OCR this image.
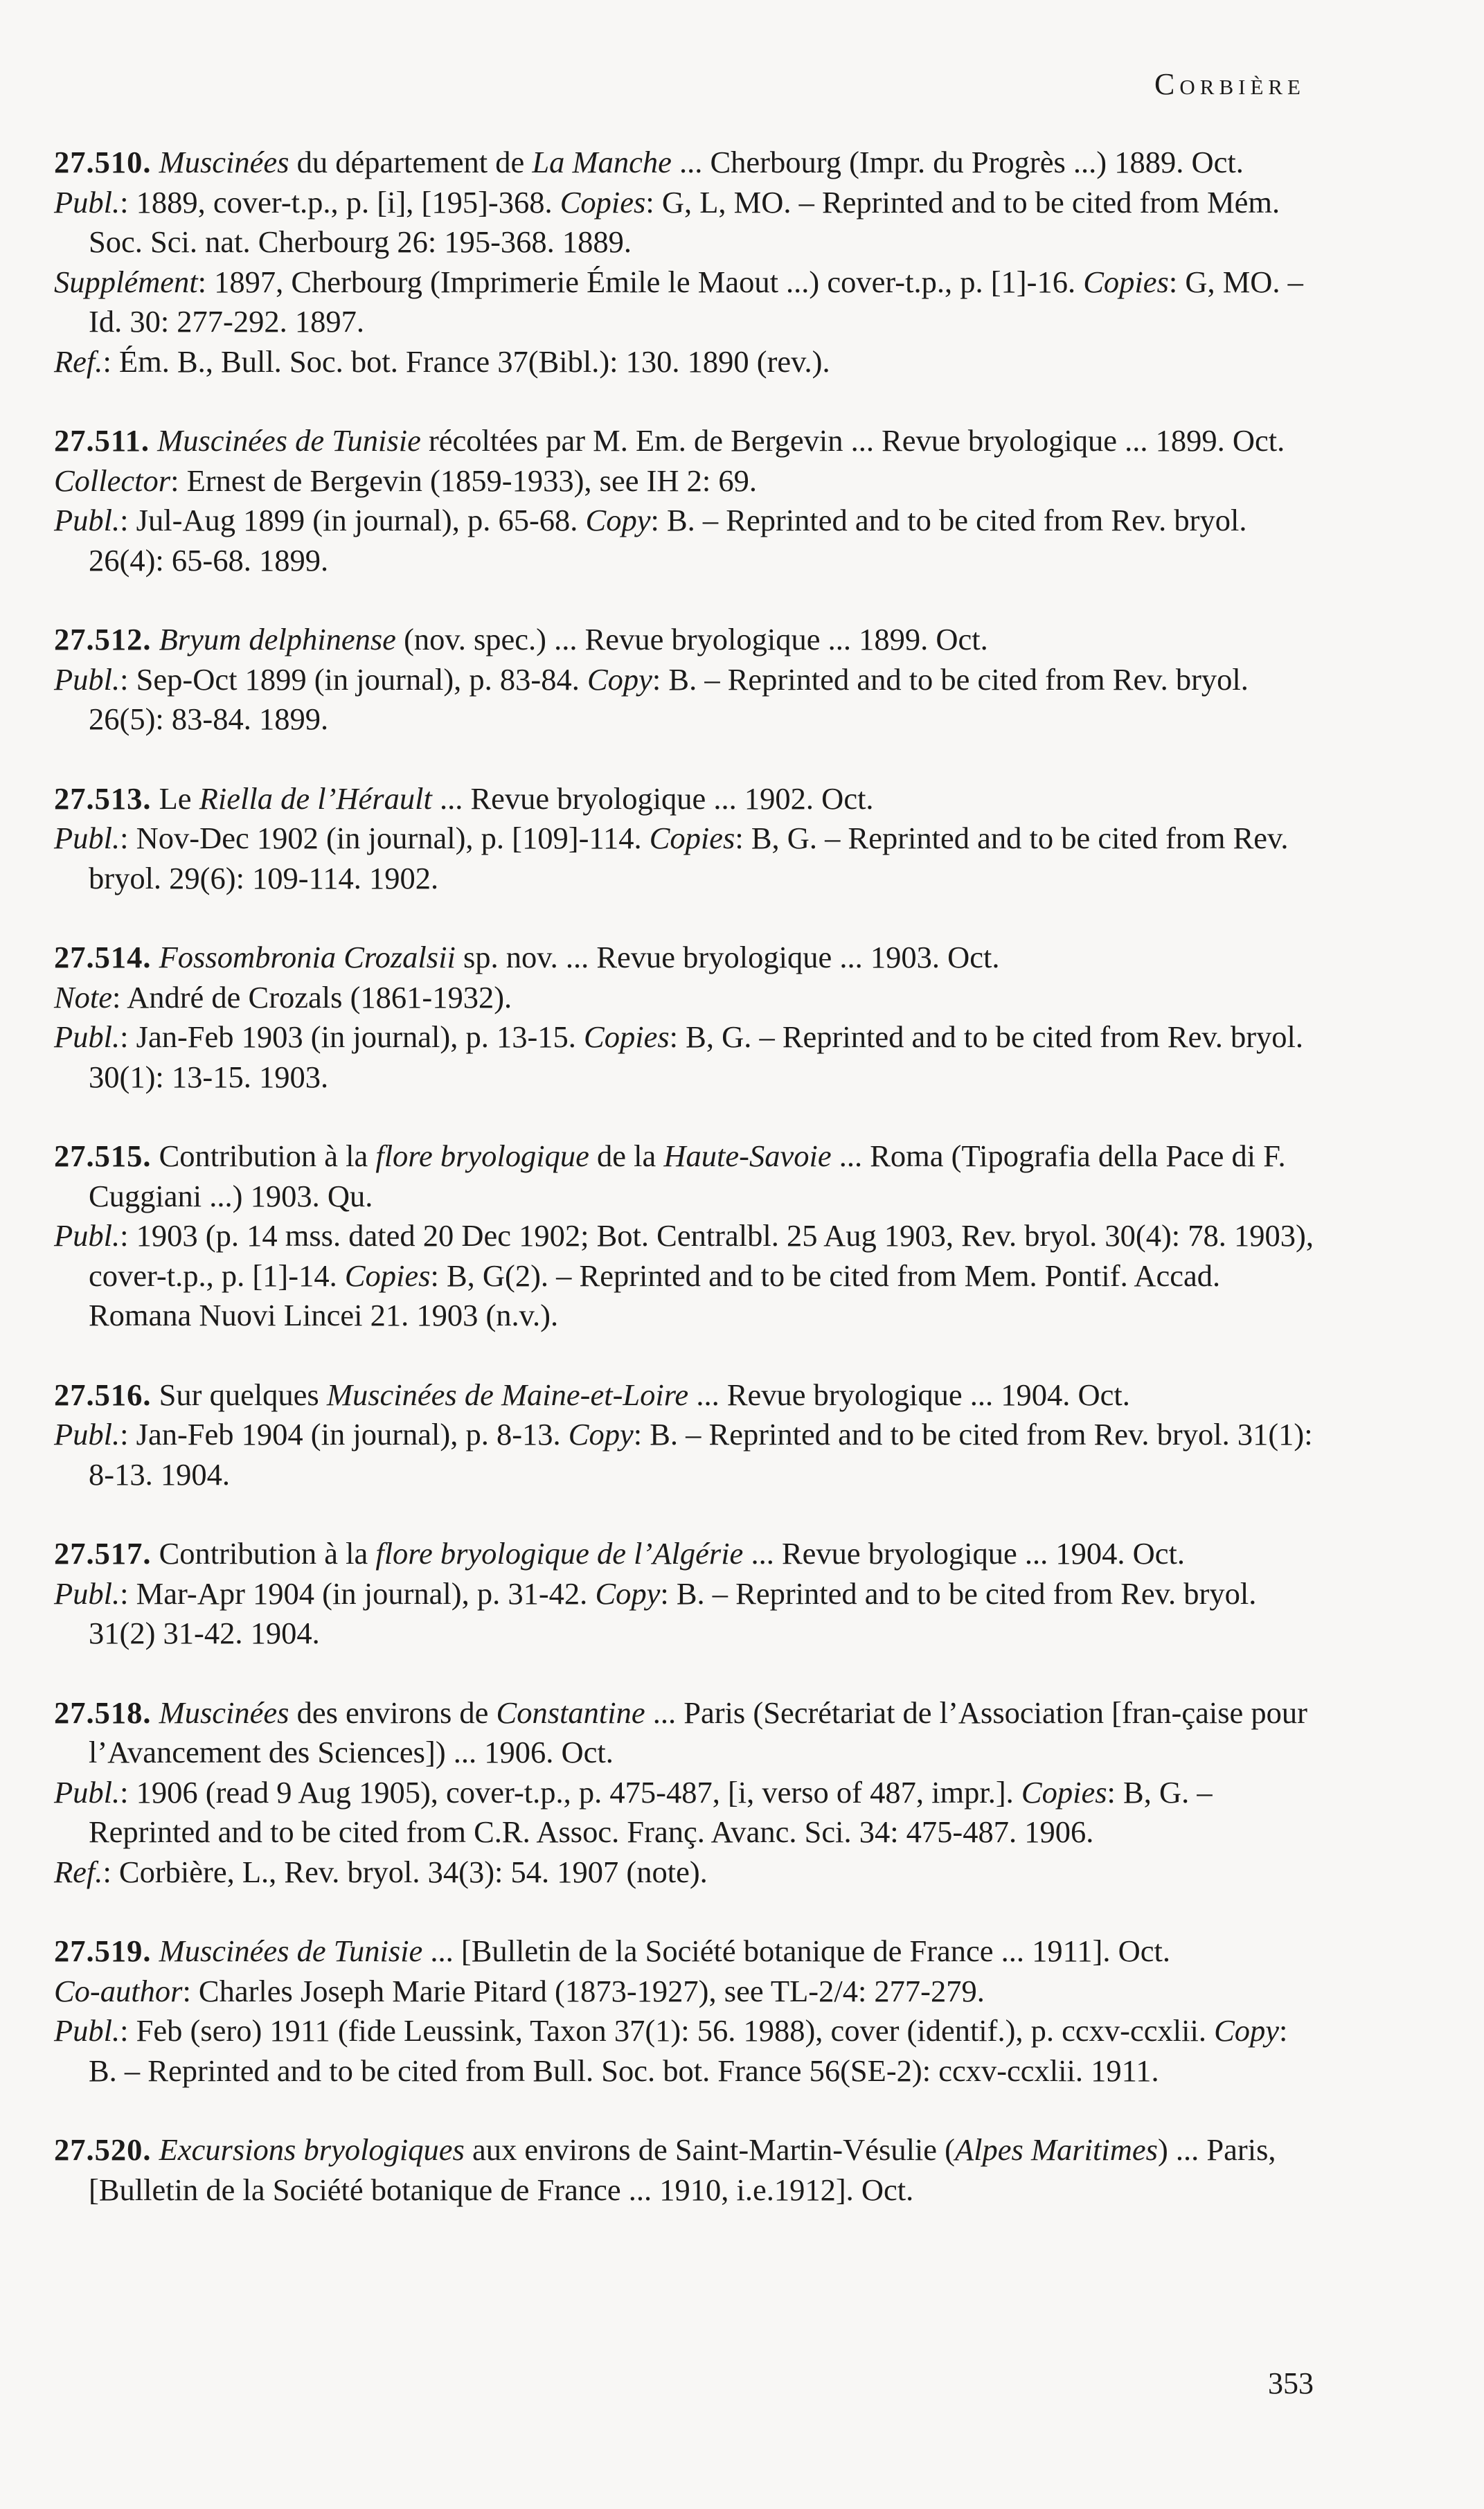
Corbière

27.510. Muscinées du département de La Manche ... Cherbourg (Impr. du Progrès ...) 1889. Oct.

Publ.: 1889, cover-t.p., p. [i], [195]-368. Copies: G, L, MO. – Reprinted and to be cited from Mém. Soc. Sci. nat. Cherbourg 26: 195-368. 1889.

Supplément: 1897, Cherbourg (Imprimerie Émile le Maout ...) cover-t.p., p. [1]-16. Copies: G, MO. – Id. 30: 277-292. 1897.

Ref.: Ém. B., Bull. Soc. bot. France 37(Bibl.): 130. 1890 (rev.).

27.511. Muscinées de Tunisie récoltées par M. Em. de Bergevin ... Revue bryologique ... 1899. Oct.

Collector: Ernest de Bergevin (1859-1933), see IH 2: 69.

Publ.: Jul-Aug 1899 (in journal), p. 65-68. Copy: B. – Reprinted and to be cited from Rev. bryol. 26(4): 65-68. 1899.

27.512. Bryum delphinense (nov. spec.) ... Revue bryologique ... 1899. Oct.

Publ.: Sep-Oct 1899 (in journal), p. 83-84. Copy: B. – Reprinted and to be cited from Rev. bryol. 26(5): 83-84. 1899.

27.513. Le Riella de l’Hérault ... Revue bryologique ... 1902. Oct.

Publ.: Nov-Dec 1902 (in journal), p. [109]-114. Copies: B, G. – Reprinted and to be cited from Rev. bryol. 29(6): 109-114. 1902.

27.514. Fossombronia Crozalsii sp. nov. ... Revue bryologique ... 1903. Oct.

Note: André de Crozals (1861-1932).

Publ.: Jan-Feb 1903 (in journal), p. 13-15. Copies: B, G. – Reprinted and to be cited from Rev. bryol. 30(1): 13-15. 1903.

27.515. Contribution à la flore bryologique de la Haute-Savoie ... Roma (Tipografia della Pace di F. Cuggiani ...) 1903. Qu.

Publ.: 1903 (p. 14 mss. dated 20 Dec 1902; Bot. Centralbl. 25 Aug 1903, Rev. bryol. 30(4): 78. 1903), cover-t.p., p. [1]-14. Copies: B, G(2). – Reprinted and to be cited from Mem. Pontif. Accad. Romana Nuovi Lincei 21. 1903 (n.v.).

27.516. Sur quelques Muscinées de Maine-et-Loire ... Revue bryologique ... 1904. Oct.

Publ.: Jan-Feb 1904 (in journal), p. 8-13. Copy: B. – Reprinted and to be cited from Rev. bryol. 31(1): 8-13. 1904.

27.517. Contribution à la flore bryologique de l’Algérie ... Revue bryologique ... 1904. Oct.

Publ.: Mar-Apr 1904 (in journal), p. 31-42. Copy: B. – Reprinted and to be cited from Rev. bryol. 31(2) 31-42. 1904.

27.518. Muscinées des environs de Constantine ... Paris (Secrétariat de l’Association [fran-çaise pour l’Avancement des Sciences]) ... 1906. Oct.

Publ.: 1906 (read 9 Aug 1905), cover-t.p., p. 475-487, [i, verso of 487, impr.]. Copies: B, G. – Reprinted and to be cited from C.R. Assoc. Franç. Avanc. Sci. 34: 475-487. 1906.

Ref.: Corbière, L., Rev. bryol. 34(3): 54. 1907 (note).

27.519. Muscinées de Tunisie ... [Bulletin de la Société botanique de France ... 1911]. Oct.

Co-author: Charles Joseph Marie Pitard (1873-1927), see TL-2/4: 277-279.

Publ.: Feb (sero) 1911 (fide Leussink, Taxon 37(1): 56. 1988), cover (identif.), p. ccxv-ccxlii. Copy: B. – Reprinted and to be cited from Bull. Soc. bot. France 56(SE-2): ccxv-ccxlii. 1911.

27.520. Excursions bryologiques aux environs de Saint-Martin-Vésulie (Alpes Maritimes) ... Paris, [Bulletin de la Société botanique de France ... 1910, i.e.1912]. Oct.

353
